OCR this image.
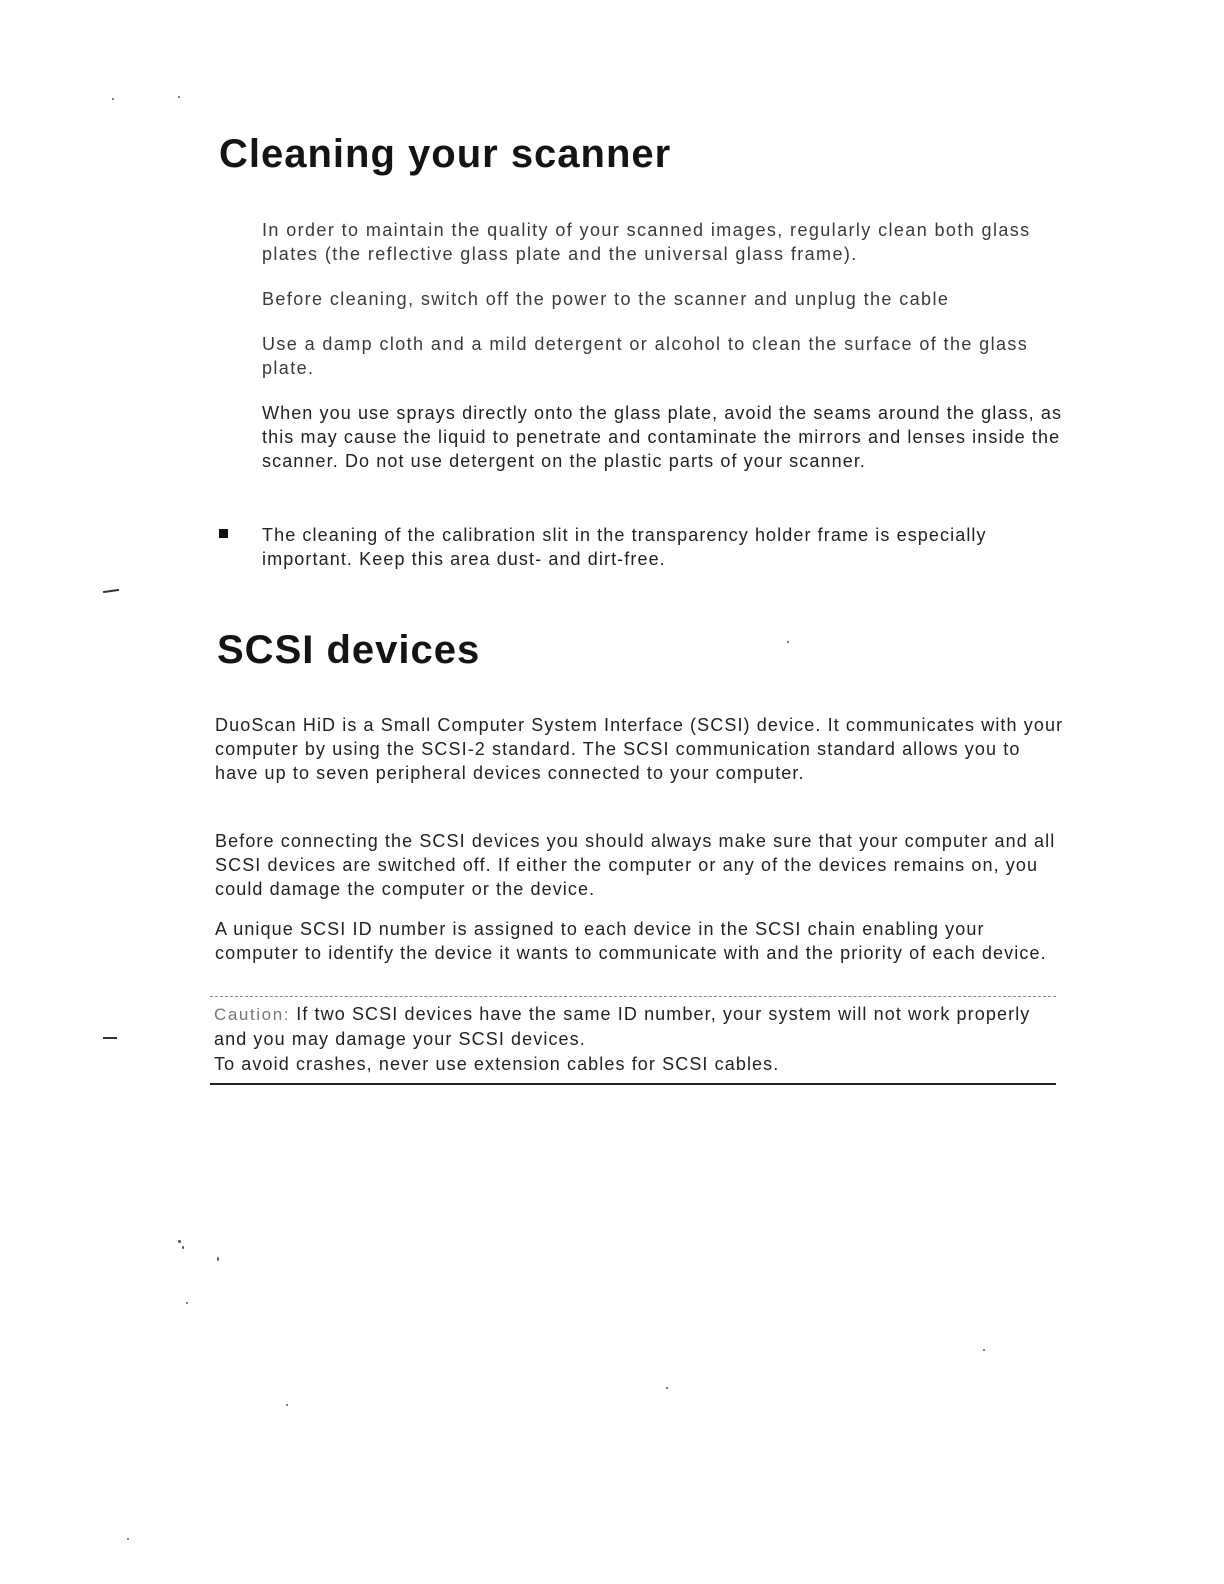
Cleaning your scanner

In order to maintain the quality of your scanned images, regularly clean both glass plates (the reflective glass plate and the universal glass frame).

Before cleaning, switch off the power to the scanner and unplug the cable

Use a damp cloth and a mild detergent or alcohol to clean the surface of the glass plate.

When you use sprays directly onto the glass plate, avoid the seams around the glass, as this may cause the liquid to penetrate and contaminate the mirrors and lenses inside the scanner. Do not use detergent on the plastic parts of your scanner.

The cleaning of the calibration slit in the transparency holder frame is especially important. Keep this area dust- and dirt-free.

SCSI devices

DuoScan HiD is a Small Computer System Interface (SCSI) device. It communicates with your computer by using the SCSI-2 standard. The SCSI communication standard allows you to have up to seven peripheral devices connected to your computer.

Before connecting the SCSI devices you should always make sure that your computer and all SCSI devices are switched off. If either the computer or any of the devices remains on, you could damage the computer or the device.

A unique SCSI ID number is assigned to each device in the SCSI chain enabling your computer to identify the device it wants to communicate with and the priority of each device.

Caution: If two SCSI devices have the same ID number, your system will not work properly and you may damage your SCSI devices.
To avoid crashes, never use extension cables for SCSI cables.
